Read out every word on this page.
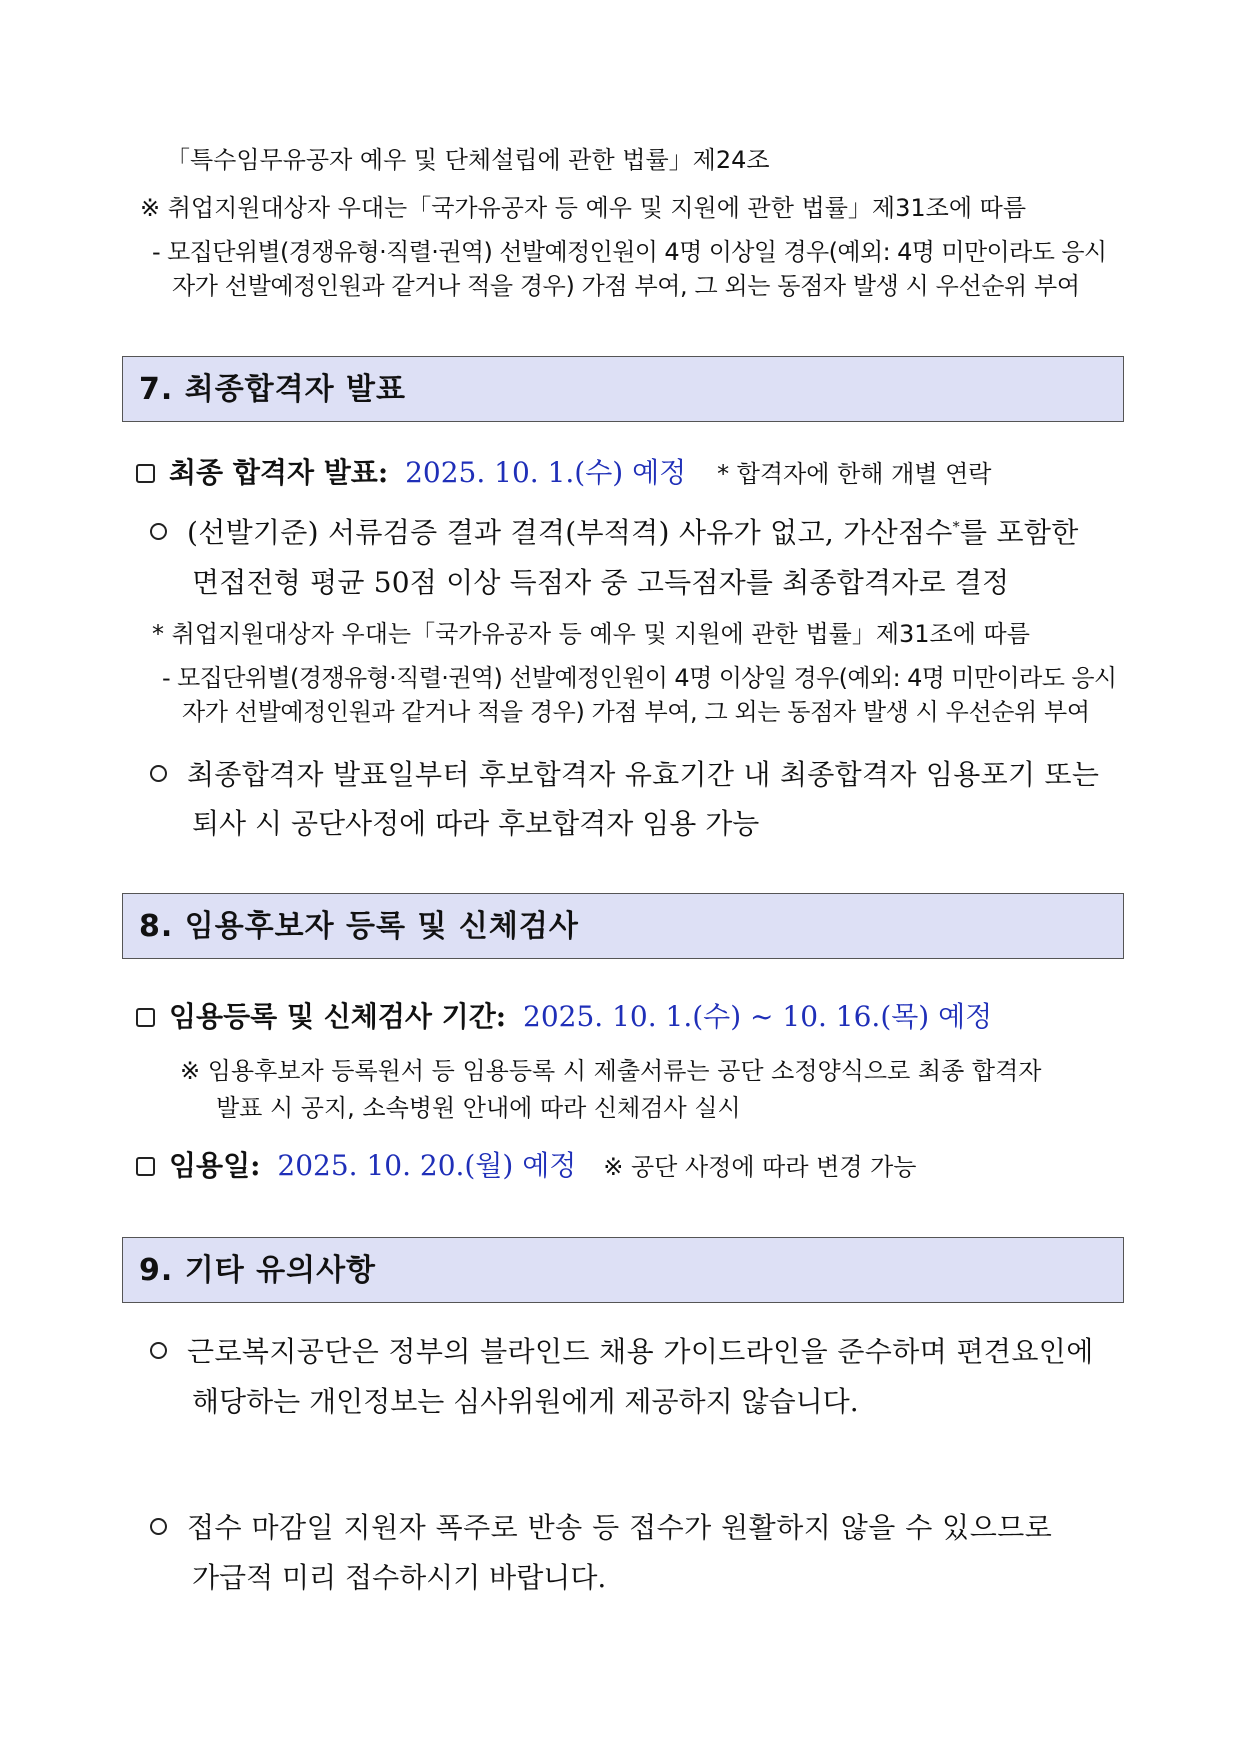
「특수임무유공자 예우 및 단체설립에 관한 법률」제24조
※ 취업지원대상자 우대는「국가유공자 등 예우 및 지원에 관한 법률」제31조에 따름
- 모집단위별(경쟁유형·직렬·권역) 선발예정인원이 4명 이상일 경우(예외: 4명 미만이라도 응시
자가 선발예정인원과 같거나 적을 경우) 가점 부여, 그 외는 동점자 발생 시 우선순위 부여
7. 최종합격자 발표
최종 합격자 발표: 2025. 10. 1.(수) 예정 * 합격자에 한해 개별 연락
(선발기준) 서류검증 결과 결격(부적격) 사유가 없고, 가산점수*를 포함한
면접전형 평균 50점 이상 득점자 중 고득점자를 최종합격자로 결정
* 취업지원대상자 우대는「국가유공자 등 예우 및 지원에 관한 법률」제31조에 따름
- 모집단위별(경쟁유형·직렬·권역) 선발예정인원이 4명 이상일 경우(예외: 4명 미만이라도 응시
자가 선발예정인원과 같거나 적을 경우) 가점 부여, 그 외는 동점자 발생 시 우선순위 부여
최종합격자 발표일부터 후보합격자 유효기간 내 최종합격자 임용포기 또는
퇴사 시 공단사정에 따라 후보합격자 임용 가능
8. 임용후보자 등록 및 신체검사
임용등록 및 신체검사 기간: 2025. 10. 1.(수) ~ 10. 16.(목) 예정
※ 임용후보자 등록원서 등 임용등록 시 제출서류는 공단 소정양식으로 최종 합격자
발표 시 공지, 소속병원 안내에 따라 신체검사 실시
임용일: 2025. 10. 20.(월) 예정 ※ 공단 사정에 따라 변경 가능
9. 기타 유의사항
근로복지공단은 정부의 블라인드 채용 가이드라인을 준수하며 편견요인에
해당하는 개인정보는 심사위원에게 제공하지 않습니다.
접수 마감일 지원자 폭주로 반송 등 접수가 원활하지 않을 수 있으므로
가급적 미리 접수하시기 바랍니다.
